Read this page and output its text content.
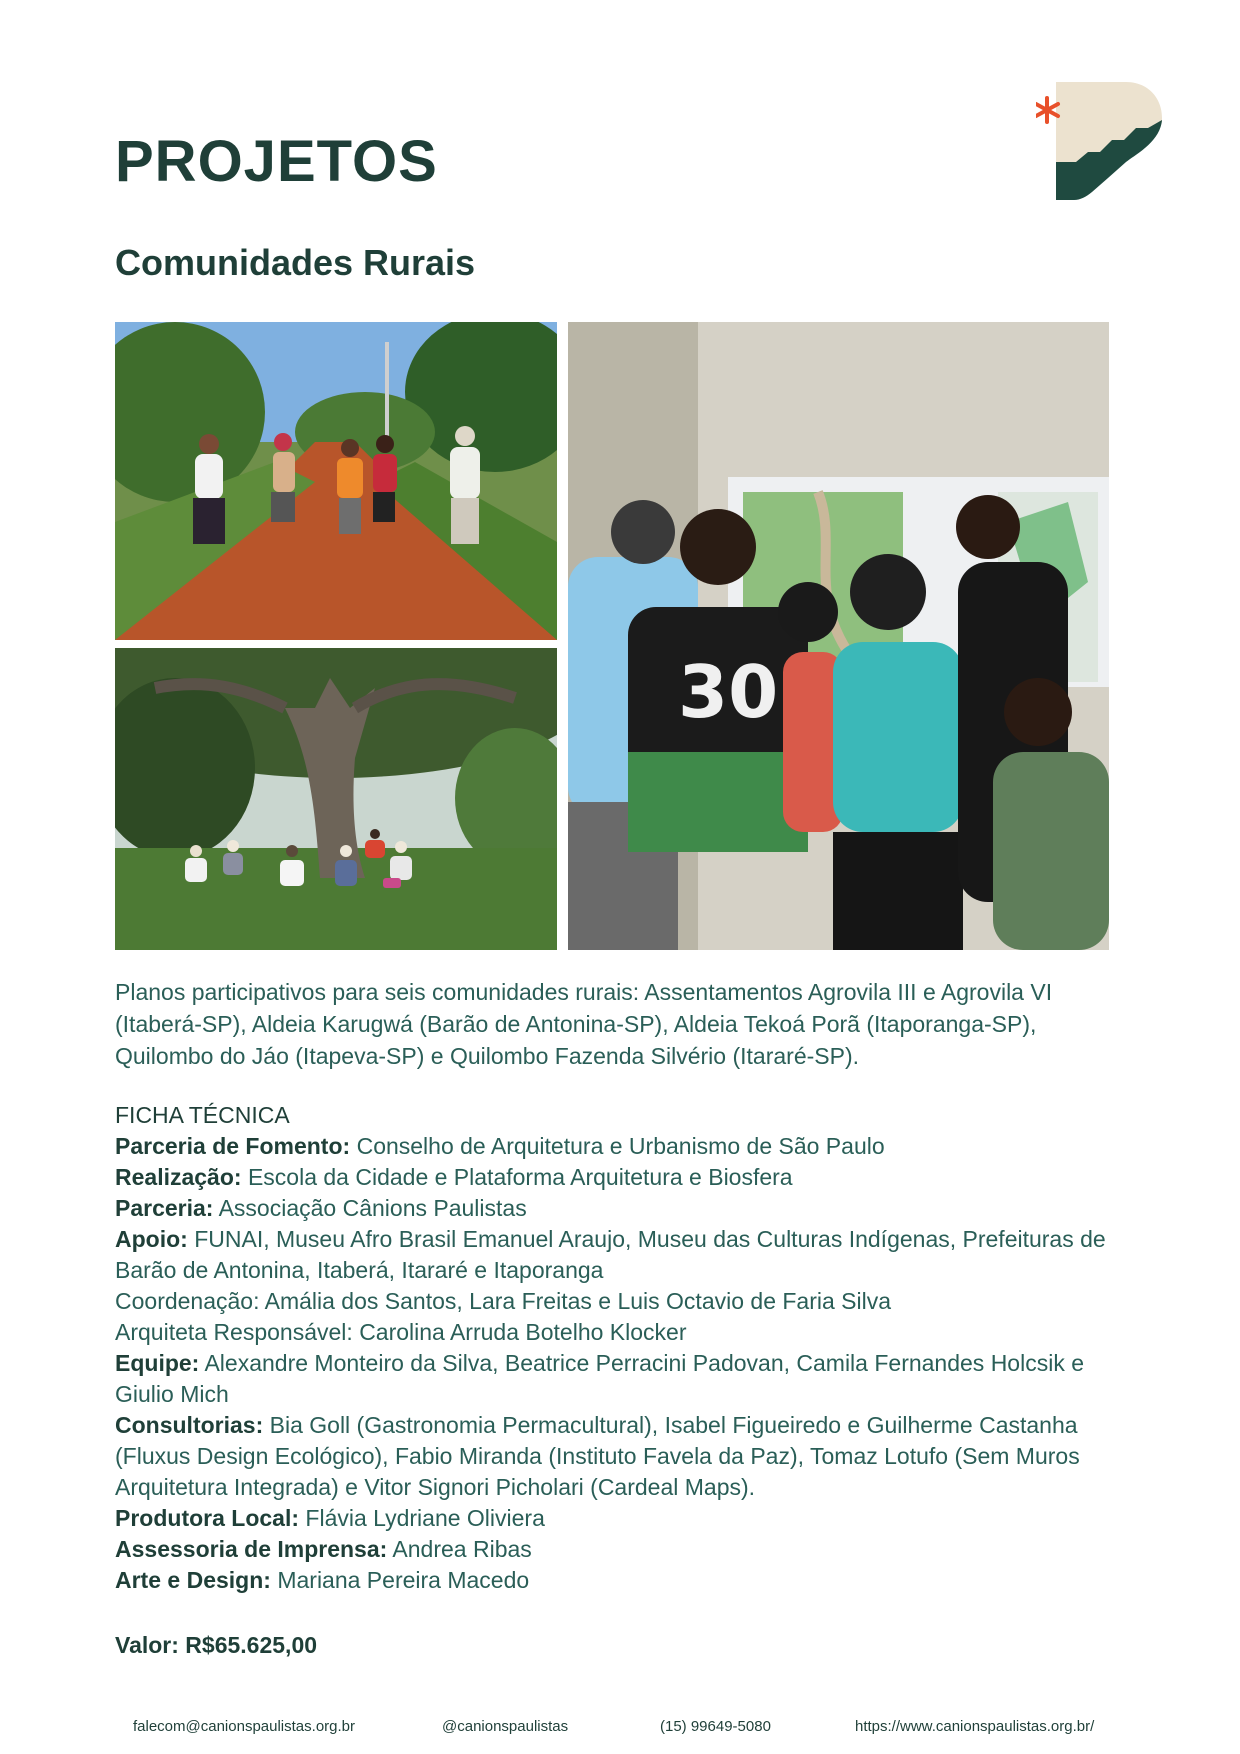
PROJETOS
Comunidades Rurais
30

Planos participativos para seis comunidades rurais: Assentamentos Agrovila III e Agrovila VI (Itaberá-SP), Aldeia Karugwá (Barão de Antonina-SP), Aldeia Tekoá Porã (Itaporanga-SP), Quilombo do Jáo (Itapeva-SP) e Quilombo Fazenda Silvério (Itararé-SP).

FICHA TÉCNICA

Parceria de Fomento: Conselho de Arquitetura e Urbanismo de São Paulo

Realização: Escola da Cidade e Plataforma Arquitetura e Biosfera

Parceria: Associação Cânions Paulistas

Apoio: FUNAI, Museu Afro Brasil Emanuel Araujo, Museu das Culturas Indígenas, Prefeituras de Barão de Antonina, Itaberá, Itararé e Itaporanga

Coordenação: Amália dos Santos, Lara Freitas e Luis Octavio de Faria Silva

Arquiteta Responsável: Carolina Arruda Botelho Klocker

Equipe: Alexandre Monteiro da Silva, Beatrice Perracini Padovan, Camila Fernandes Holcsik e Giulio Mich

Consultorias: Bia Goll (Gastronomia Permacultural), Isabel Figueiredo e Guilherme Castanha (Fluxus Design Ecológico), Fabio Miranda (Instituto Favela da Paz), Tomaz Lotufo (Sem Muros Arquitetura Integrada) e Vitor Signori Picholari (Cardeal Maps).

Produtora Local: Flávia Lydriane Oliviera

Assessoria de Imprensa: Andrea Ribas

Arte e Design: Mariana Pereira Macedo

Valor: R$65.625,00

falecom@canionspaulistas.org.br	@canionspaulistas	(15) 99649-5080	https://www.canionspaulistas.org.br/
